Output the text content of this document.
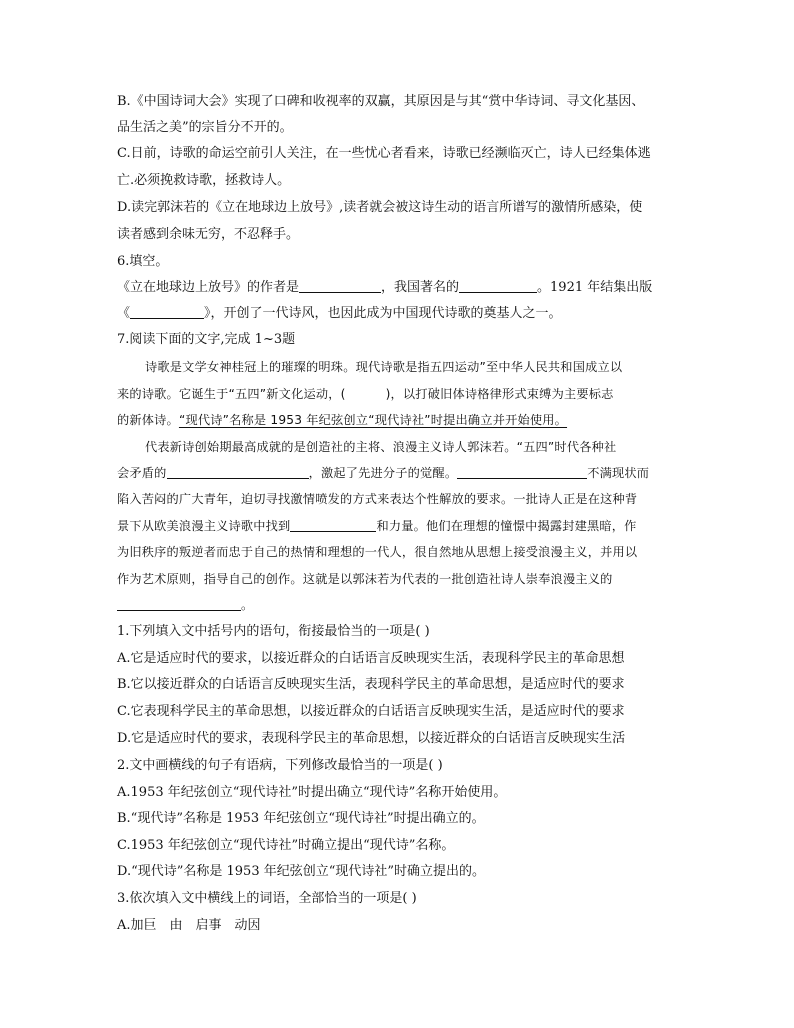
B.《中国诗词大会》实现了口碑和收视率的双赢，其原因是与其“赏中华诗词、寻文化基因、
品生活之美”的宗旨分不开的。
C.日前，诗歌的命运空前引人关注，在一些忧心者看来，诗歌已经濒临灭亡，诗人已经集体逃
亡.必须挽救诗歌，拯救诗人。
D.读完郭沫若的《立在地球边上放号》,读者就会被这诗生动的语言所谱写的激情所感染，使
读者感到余味无穷，不忍释手。
6.填空。
《立在地球边上放号》的作者是	，我国著名的	。1921 年结集出版
《	》，开创了一代诗风，也因此成为中国现代诗歌的奠基人之一。
7.阅读下面的文字,完成 1~3题
诗歌是文学女神桂冠上的璀璨的明珠。现代诗歌是指五四运动”至中华人民共和国成立以
来的诗歌。它诞生于“五四”新文化运动，(	)，以打破旧体诗格律形式束缚为主要标志
的新体诗。“现代诗”名称是 1953 年纪弦创立“现代诗社”时提出确立并开始使用。
代表新诗创始期最高成就的是创造社的主将、浪漫主义诗人郭沫若。“五四”时代各种社
会矛盾的	，激起了先进分子的觉醒。	不满现状而
陷入苦闷的广大青年，迫切寻找激情喷发的方式来表达个性解放的要求。一批诗人正是在这种背
景下从欧美浪漫主义诗歌中找到	和力量。他们在理想的憧憬中揭露封建黑暗，作
为旧秩序的叛逆者而忠于自己的热情和理想的一代人，很自然地从思想上接受浪漫主义，并用以
作为艺术原则，指导自己的创作。这就是以郭沫若为代表的一批创造社诗人崇奉浪漫主义的
。
1.下列填入文中括号内的语句，衔接最恰当的一项是( )
A.它是适应时代的要求，以接近群众的白话语言反映现实生活，表现科学民主的革命思想
B.它以接近群众的白话语言反映现实生活，表现科学民主的革命思想，是适应时代的要求
C.它表现科学民主的革命思想，以接近群众的白话语言反映现实生活，是适应时代的要求
D.它是适应时代的要求，表现科学民主的革命思想，以接近群众的白话语言反映现实生活
2.文中画横线的句子有语病，下列修改最恰当的一项是( )
A.1953 年纪弦创立“现代诗社”时提出确立“现代诗”名称开始使用。
B.“现代诗”名称是 1953 年纪弦创立“现代诗社”时提出确立的。
C.1953 年纪弦创立“现代诗社”时确立提出“现代诗”名称。
D.“现代诗”名称是 1953 年纪弦创立“现代诗社”时确立提出的。
3.依次填入文中横线上的词语，全部恰当的一项是( )
A.加巨　由　启事　动因
